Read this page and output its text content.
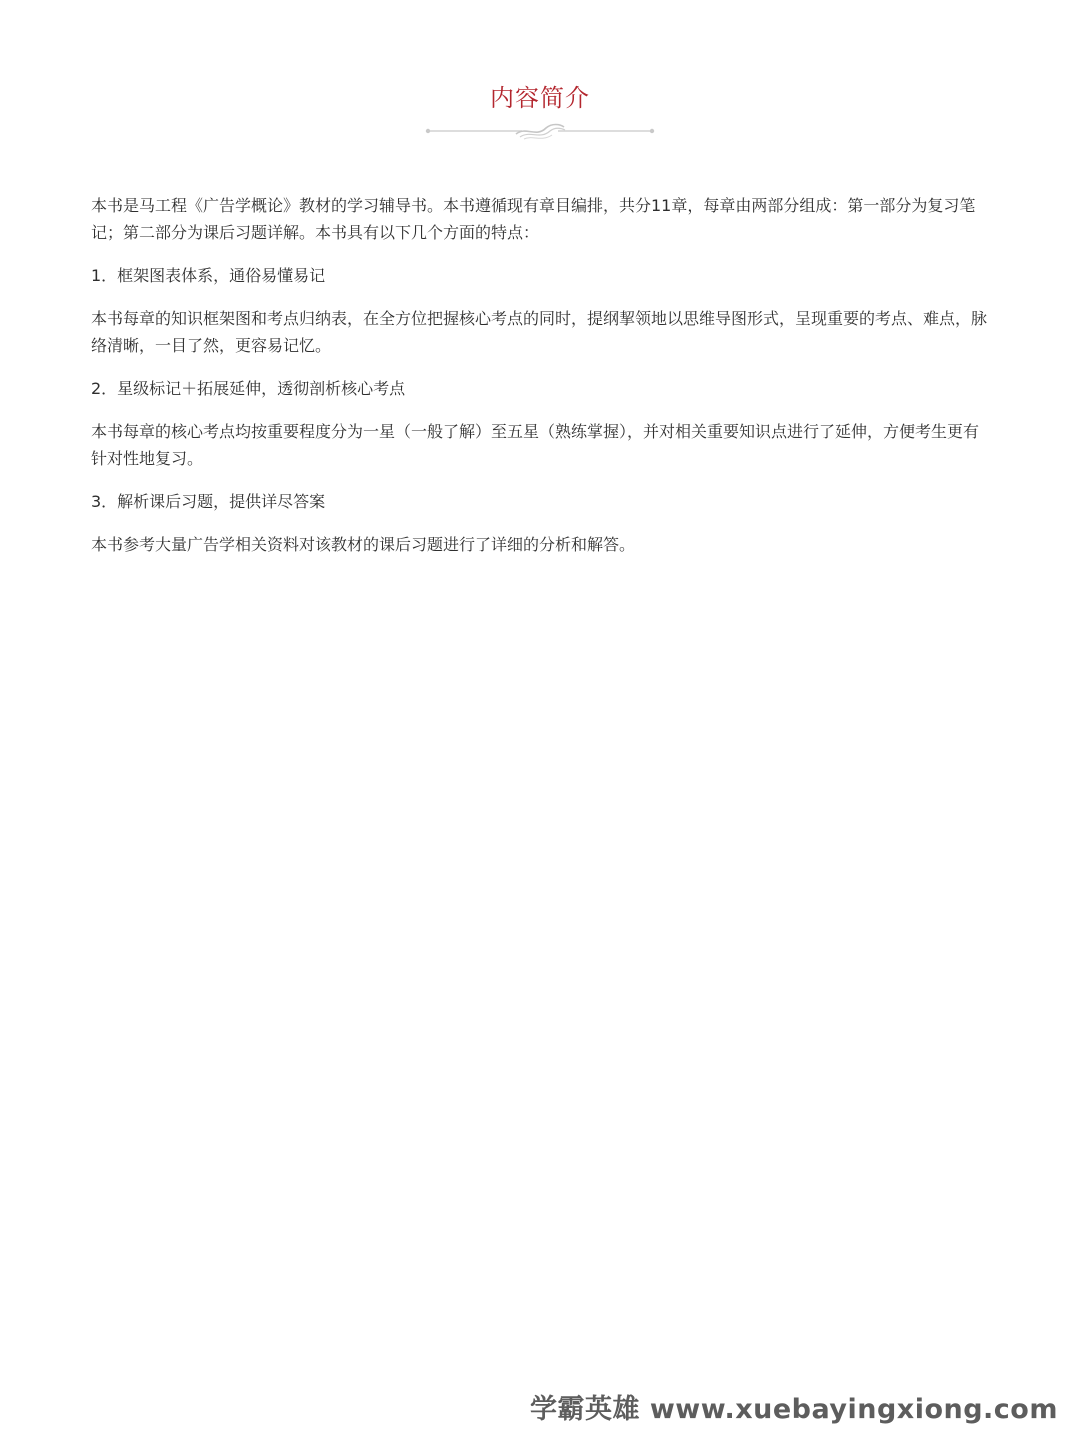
内容简介

本书是马工程《广告学概论》教材的学习辅导书。本书遵循现有章目编排，共分11章，每章由两部分组成：第一部分为复习笔记；第二部分为课后习题详解。本书具有以下几个方面的特点：

1．框架图表体系，通俗易懂易记

本书每章的知识框架图和考点归纳表，在全方位把握核心考点的同时，提纲挈领地以思维导图形式，呈现重要的考点、难点，脉络清晰，一目了然，更容易记忆。

2．星级标记＋拓展延伸，透彻剖析核心考点

本书每章的核心考点均按重要程度分为一星（一般了解）至五星（熟练掌握），并对相关重要知识点进行了延伸，方便考生更有针对性地复习。

3．解析课后习题，提供详尽答案

本书参考大量广告学相关资料对该教材的课后习题进行了详细的分析和解答。

学霸英雄 www.xuebayingxiong.com
